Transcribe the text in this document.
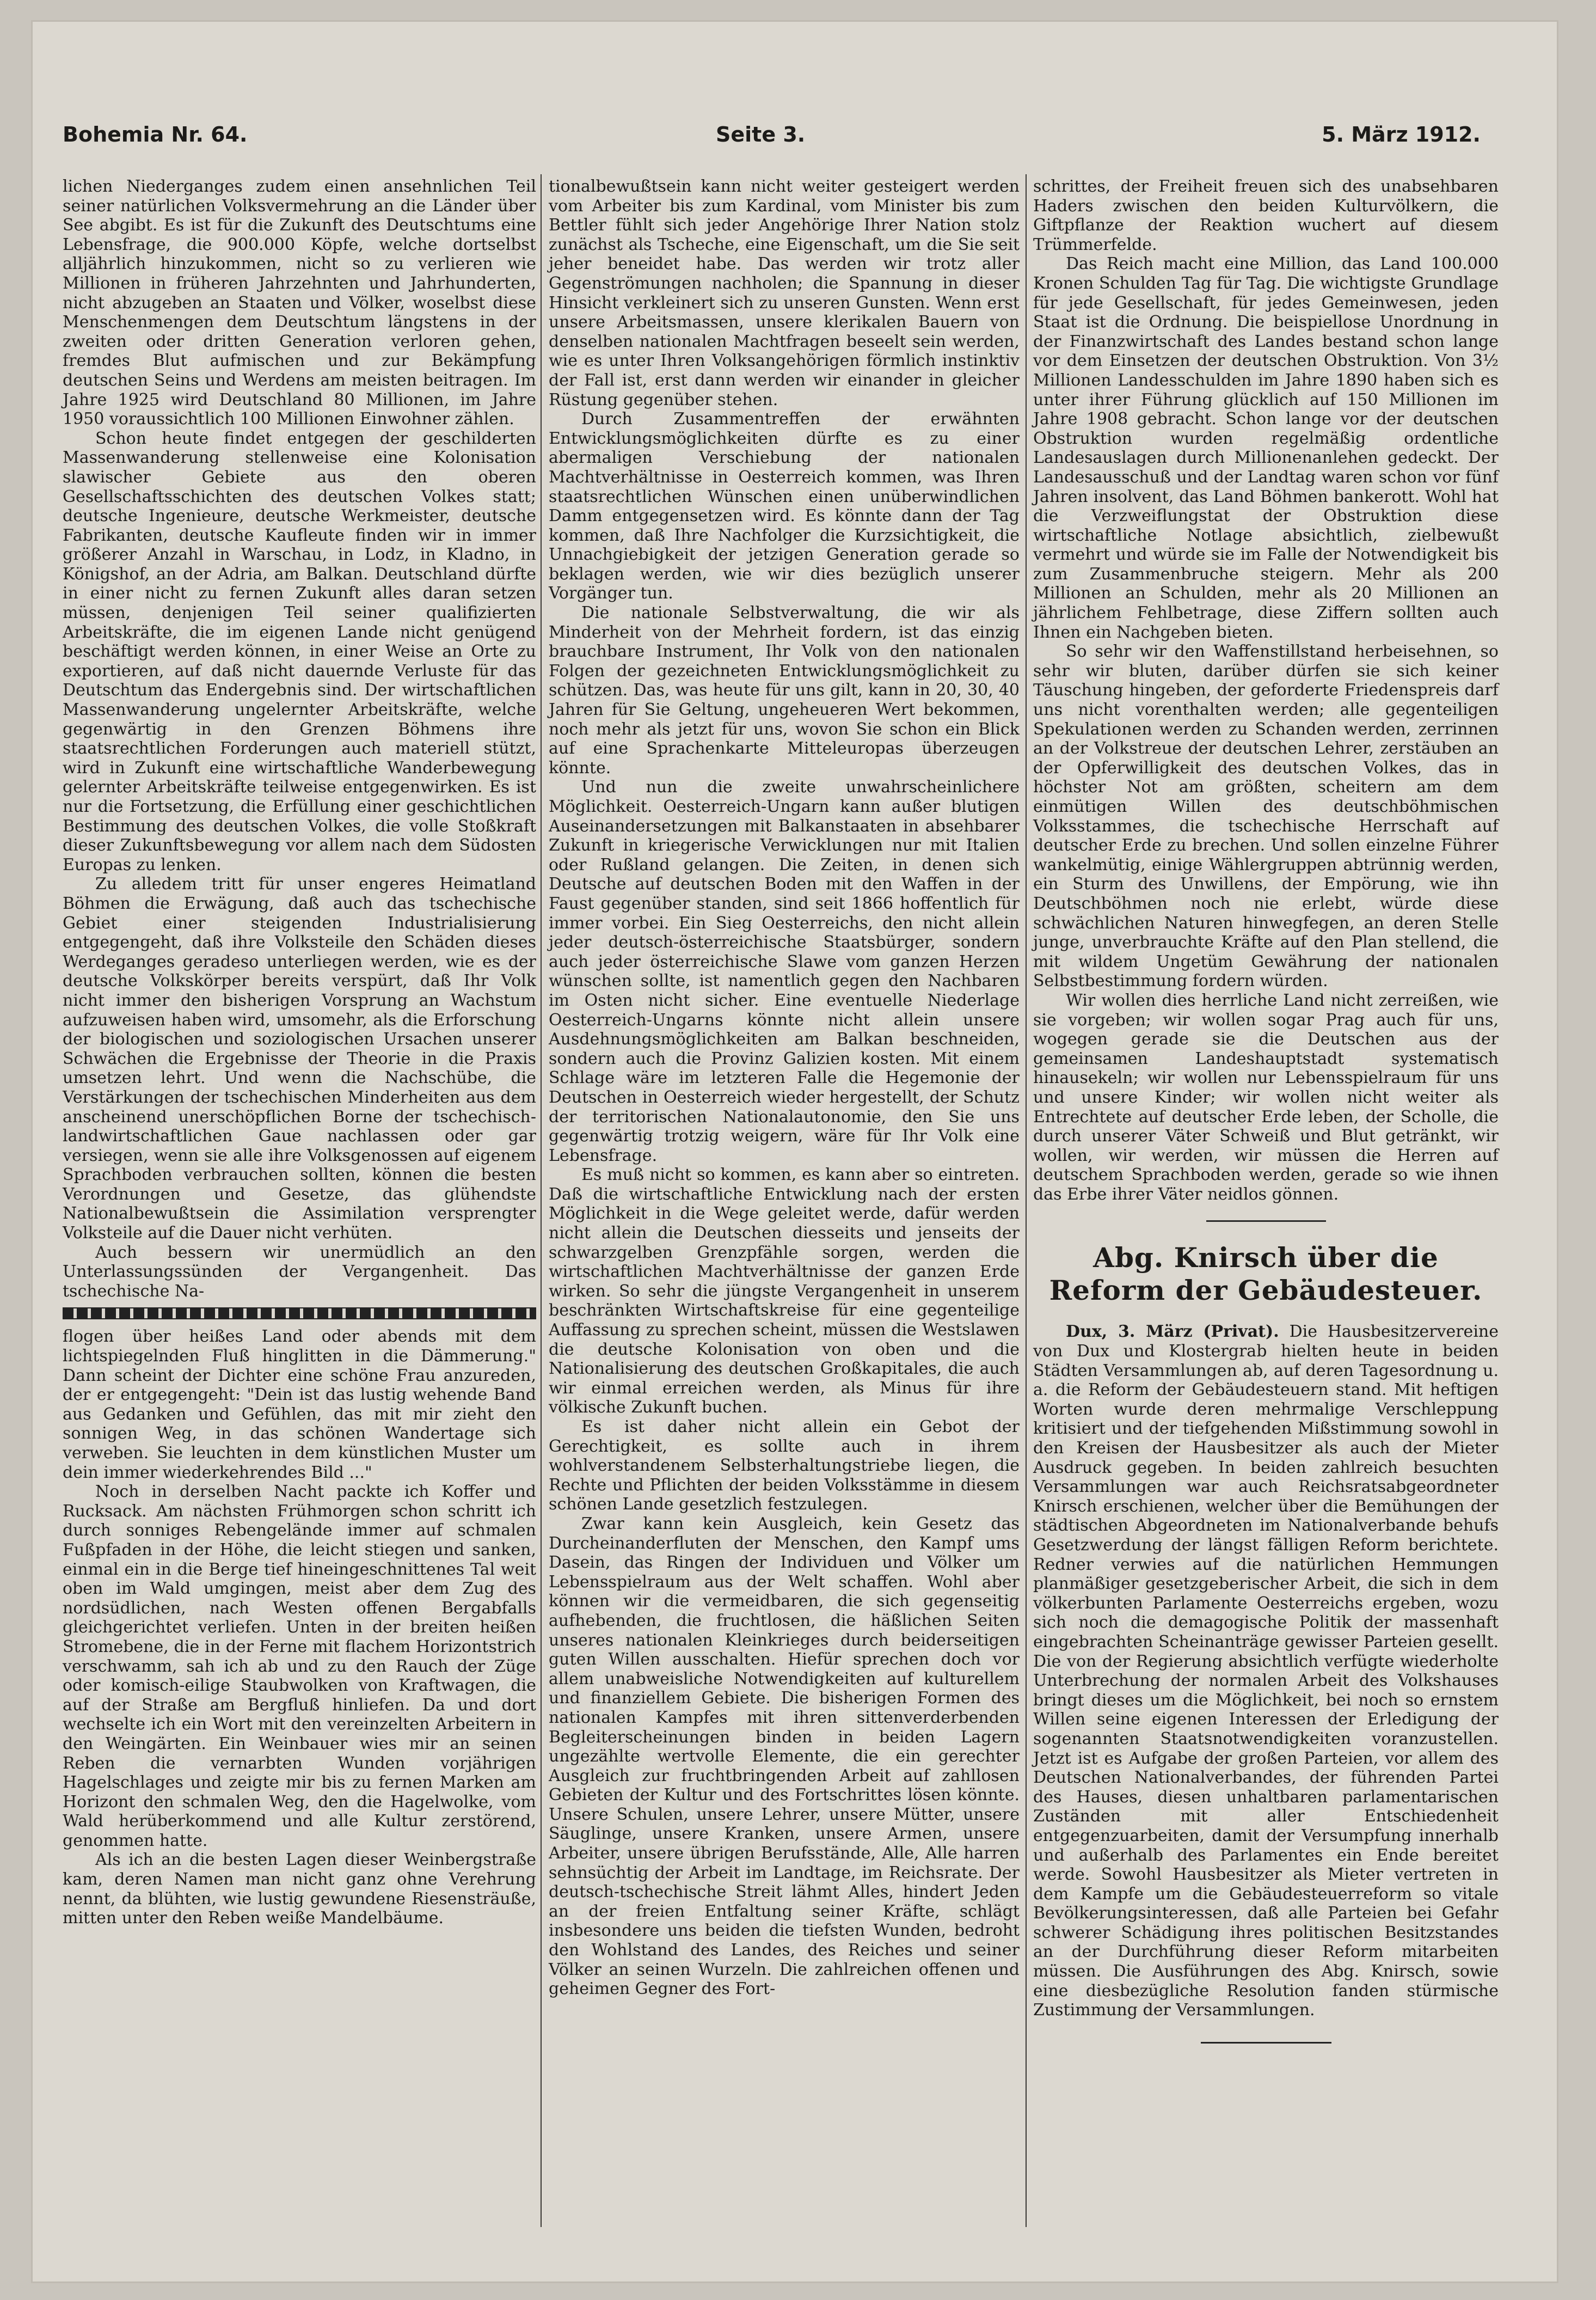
Bohemia Nr. 64.	Seite 3.	5. März 1912.

lichen Niederganges zudem einen ansehnlichen Teil seiner natürlichen Volksvermehrung an die Länder über See abgibt. Es ist für die Zukunft des Deutschtums eine Lebensfrage, die 900.000 Köpfe, welche dortselbst alljährlich hinzukommen, nicht so zu verlieren wie Millionen in früheren Jahrzehnten und Jahrhunderten, nicht abzugeben an Staaten und Völker, woselbst diese Menschenmengen dem Deutschtum längstens in der zweiten oder dritten Generation verloren gehen, fremdes Blut aufmischen und zur Bekämpfung deutschen Seins und Werdens am meisten beitragen. Im Jahre 1925 wird Deutschland 80 Millionen, im Jahre 1950 voraussichtlich 100 Millionen Einwohner zählen.

Schon heute findet entgegen der geschilderten Massenwanderung stellenweise eine Kolonisation slawischer Gebiete aus den oberen Gesellschaftsschichten des deutschen Volkes statt; deutsche Ingenieure, deutsche Werkmeister, deutsche Fabrikanten, deutsche Kaufleute finden wir in immer größerer Anzahl in Warschau, in Lodz, in Kladno, in Königshof, an der Adria, am Balkan. Deutschland dürfte in einer nicht zu fernen Zukunft alles daran setzen müssen, denjenigen Teil seiner qualifizierten Arbeitskräfte, die im eigenen Lande nicht genügend beschäftigt werden können, in einer Weise an Orte zu exportieren, auf daß nicht dauernde Verluste für das Deutschtum das Endergebnis sind. Der wirtschaftlichen Massenwanderung ungelernter Arbeitskräfte, welche gegenwärtig in den Grenzen Böhmens ihre staatsrechtlichen Forderungen auch materiell stützt, wird in Zukunft eine wirtschaftliche Wanderbewegung gelernter Arbeitskräfte teilweise entgegenwirken. Es ist nur die Fortsetzung, die Erfüllung einer geschichtlichen Bestimmung des deutschen Volkes, die volle Stoßkraft dieser Zukunftsbewegung vor allem nach dem Südosten Europas zu lenken.

Zu alledem tritt für unser engeres Heimatland Böhmen die Erwägung, daß auch das tschechische Gebiet einer steigenden Industrialisierung entgegengeht, daß ihre Volksteile den Schäden dieses Werdeganges geradeso unterliegen werden, wie es der deutsche Volkskörper bereits verspürt, daß Ihr Volk nicht immer den bisherigen Vorsprung an Wachstum aufzuweisen haben wird, umsomehr, als die Erforschung der biologischen und soziologischen Ursachen unserer Schwächen die Ergebnisse der Theorie in die Praxis umsetzen lehrt. Und wenn die Nachschübe, die Verstärkungen der tschechischen Minderheiten aus dem anscheinend unerschöpflichen Borne der tschechisch-landwirtschaftlichen Gaue nachlassen oder gar versiegen, wenn sie alle ihre Volksgenossen auf eigenem Sprachboden verbrauchen sollten, können die besten Verordnungen und Gesetze, das glühendste Nationalbewußtsein die Assimilation versprengter Volksteile auf die Dauer nicht verhüten.

Auch bessern wir unermüdlich an den Unterlassungssünden der Vergangenheit. Das tschechische Na-

flogen über heißes Land oder abends mit dem lichtspiegelnden Fluß hinglitten in die Dämmerung." Dann scheint der Dichter eine schöne Frau anzureden, der er entgegengeht: "Dein ist das lustig wehende Band aus Gedanken und Gefühlen, das mit mir zieht den sonnigen Weg, in das schönen Wandertage sich verweben. Sie leuchten in dem künstlichen Muster um dein immer wiederkehrendes Bild ..."

Noch in derselben Nacht packte ich Koffer und Rucksack. Am nächsten Frühmorgen schon schritt ich durch sonniges Rebengelände immer auf schmalen Fußpfaden in der Höhe, die leicht stiegen und sanken, einmal ein in die Berge tief hineingeschnittenes Tal weit oben im Wald umgingen, meist aber dem Zug des nordsüdlichen, nach Westen offenen Bergabfalls gleichgerichtet verliefen. Unten in der breiten heißen Stromebene, die in der Ferne mit flachem Horizontstrich verschwamm, sah ich ab und zu den Rauch der Züge oder komisch-eilige Staubwolken von Kraftwagen, die auf der Straße am Bergfluß hinliefen. Da und dort wechselte ich ein Wort mit den vereinzelten Arbeitern in den Weingärten. Ein Weinbauer wies mir an seinen Reben die vernarbten Wunden vorjährigen Hagelschlages und zeigte mir bis zu fernen Marken am Horizont den schmalen Weg, den die Hagelwolke, vom Wald herüberkommend und alle Kultur zerstörend, genommen hatte.

Als ich an die besten Lagen dieser Weinbergstraße kam, deren Namen man nicht ganz ohne Verehrung nennt, da blühten, wie lustig gewundene Riesensträuße, mitten unter den Reben weiße Mandelbäume.

tionalbewußtsein kann nicht weiter gesteigert werden vom Arbeiter bis zum Kardinal, vom Minister bis zum Bettler fühlt sich jeder Angehörige Ihrer Nation stolz zunächst als Tscheche, eine Eigenschaft, um die Sie seit jeher beneidet habe. Das werden wir trotz aller Gegenströmungen nachholen; die Spannung in dieser Hinsicht verkleinert sich zu unseren Gunsten. Wenn erst unsere Arbeitsmassen, unsere klerikalen Bauern von denselben nationalen Machtfragen beseelt sein werden, wie es unter Ihren Volksangehörigen förmlich instinktiv der Fall ist, erst dann werden wir einander in gleicher Rüstung gegenüber stehen.

Durch Zusammentreffen der erwähnten Entwicklungsmöglichkeiten dürfte es zu einer abermaligen Verschiebung der nationalen Machtverhältnisse in Oesterreich kommen, was Ihren staatsrechtlichen Wünschen einen unüberwindlichen Damm entgegensetzen wird. Es könnte dann der Tag kommen, daß Ihre Nachfolger die Kurzsichtigkeit, die Unnachgiebigkeit der jetzigen Generation gerade so beklagen werden, wie wir dies bezüglich unserer Vorgänger tun.

Die nationale Selbstverwaltung, die wir als Minderheit von der Mehrheit fordern, ist das einzig brauchbare Instrument, Ihr Volk von den nationalen Folgen der gezeichneten Entwicklungsmöglichkeit zu schützen. Das, was heute für uns gilt, kann in 20, 30, 40 Jahren für Sie Geltung, ungeheueren Wert bekommen, noch mehr als jetzt für uns, wovon Sie schon ein Blick auf eine Sprachenkarte Mitteleuropas überzeugen könnte.

Und nun die zweite unwahrscheinlichere Möglichkeit. Oesterreich-Ungarn kann außer blutigen Auseinandersetzungen mit Balkanstaaten in absehbarer Zukunft in kriegerische Verwicklungen nur mit Italien oder Rußland gelangen. Die Zeiten, in denen sich Deutsche auf deutschen Boden mit den Waffen in der Faust gegenüber standen, sind seit 1866 hoffentlich für immer vorbei. Ein Sieg Oesterreichs, den nicht allein jeder deutsch-österreichische Staatsbürger, sondern auch jeder österreichische Slawe vom ganzen Herzen wünschen sollte, ist namentlich gegen den Nachbaren im Osten nicht sicher. Eine eventuelle Niederlage Oesterreich-Ungarns könnte nicht allein unsere Ausdehnungsmöglichkeiten am Balkan beschneiden, sondern auch die Provinz Galizien kosten. Mit einem Schlage wäre im letzteren Falle die Hegemonie der Deutschen in Oesterreich wieder hergestellt, der Schutz der territorischen Nationalautonomie, den Sie uns gegenwärtig trotzig weigern, wäre für Ihr Volk eine Lebensfrage.

Es muß nicht so kommen, es kann aber so eintreten. Daß die wirtschaftliche Entwicklung nach der ersten Möglichkeit in die Wege geleitet werde, dafür werden nicht allein die Deutschen diesseits und jenseits der schwarzgelben Grenzpfähle sorgen, werden die wirtschaftlichen Machtverhältnisse der ganzen Erde wirken. So sehr die jüngste Vergangenheit in unserem beschränkten Wirtschaftskreise für eine gegenteilige Auffassung zu sprechen scheint, müssen die Westslawen die deutsche Kolonisation von oben und die Nationalisierung des deutschen Großkapitales, die auch wir einmal erreichen werden, als Minus für ihre völkische Zukunft buchen.

Es ist daher nicht allein ein Gebot der Gerechtigkeit, es sollte auch in ihrem wohlverstandenem Selbsterhaltungstriebe liegen, die Rechte und Pflichten der beiden Volksstämme in diesem schönen Lande gesetzlich festzulegen.

Zwar kann kein Ausgleich, kein Gesetz das Durcheinanderfluten der Menschen, den Kampf ums Dasein, das Ringen der Individuen und Völker um Lebensspielraum aus der Welt schaffen. Wohl aber können wir die vermeidbaren, die sich gegenseitig aufhebenden, die fruchtlosen, die häßlichen Seiten unseres nationalen Kleinkrieges durch beiderseitigen guten Willen ausschalten. Hiefür sprechen doch vor allem unabweisliche Notwendigkeiten auf kulturellem und finanziellem Gebiete. Die bisherigen Formen des nationalen Kampfes mit ihren sittenverderbenden Begleiterscheinungen binden in beiden Lagern ungezählte wertvolle Elemente, die ein gerechter Ausgleich zur fruchtbringenden Arbeit auf zahllosen Gebieten der Kultur und des Fortschrittes lösen könnte. Unsere Schulen, unsere Lehrer, unsere Mütter, unsere Säuglinge, unsere Kranken, unsere Armen, unsere Arbeiter, unsere übrigen Berufsstände, Alle, Alle harren sehnsüchtig der Arbeit im Landtage, im Reichsrate. Der deutsch-tschechische Streit lähmt Alles, hindert Jeden an der freien Entfaltung seiner Kräfte, schlägt insbesondere uns beiden die tiefsten Wunden, bedroht den Wohlstand des Landes, des Reiches und seiner Völker an seinen Wurzeln. Die zahlreichen offenen und geheimen Gegner des Fort-

schrittes, der Freiheit freuen sich des unabsehbaren Haders zwischen den beiden Kulturvölkern, die Giftpflanze der Reaktion wuchert auf diesem Trümmerfelde.

Das Reich macht eine Million, das Land 100.000 Kronen Schulden Tag für Tag. Die wichtigste Grundlage für jede Gesellschaft, für jedes Gemeinwesen, jeden Staat ist die Ordnung. Die beispiellose Unordnung in der Finanzwirtschaft des Landes bestand schon lange vor dem Einsetzen der deutschen Obstruktion. Von 3½ Millionen Landesschulden im Jahre 1890 haben sich es unter ihrer Führung glücklich auf 150 Millionen im Jahre 1908 gebracht. Schon lange vor der deutschen Obstruktion wurden regelmäßig ordentliche Landesauslagen durch Millionenanlehen gedeckt. Der Landesausschuß und der Landtag waren schon vor fünf Jahren insolvent, das Land Böhmen bankerott. Wohl hat die Verzweiflungstat der Obstruktion diese wirtschaftliche Notlage absichtlich, zielbewußt vermehrt und würde sie im Falle der Notwendigkeit bis zum Zusammenbruche steigern. Mehr als 200 Millionen an Schulden, mehr als 20 Millionen an jährlichem Fehlbetrage, diese Ziffern sollten auch Ihnen ein Nachgeben bieten.

So sehr wir den Waffenstillstand herbeisehnen, so sehr wir bluten, darüber dürfen sie sich keiner Täuschung hingeben, der geforderte Friedenspreis darf uns nicht vorenthalten werden; alle gegenteiligen Spekulationen werden zu Schanden werden, zerrinnen an der Volkstreue der deutschen Lehrer, zerstäuben an der Opferwilligkeit des deutschen Volkes, das in höchster Not am größten, scheitern am dem einmütigen Willen des deutschböhmischen Volksstammes, die tschechische Herrschaft auf deutscher Erde zu brechen. Und sollen einzelne Führer wankelmütig, einige Wählergruppen abtrünnig werden, ein Sturm des Unwillens, der Empörung, wie ihn Deutschböhmen noch nie erlebt, würde diese schwächlichen Naturen hinwegfegen, an deren Stelle junge, unverbrauchte Kräfte auf den Plan stellend, die mit wildem Ungetüm Gewährung der nationalen Selbstbestimmung fordern würden.

Wir wollen dies herrliche Land nicht zerreißen, wie sie vorgeben; wir wollen sogar Prag auch für uns, wogegen gerade sie die Deutschen aus der gemeinsamen Landeshauptstadt systematisch hinausekeln; wir wollen nur Lebensspielraum für uns und unsere Kinder; wir wollen nicht weiter als Entrechtete auf deutscher Erde leben, der Scholle, die durch unserer Väter Schweiß und Blut getränkt, wir wollen, wir werden, wir müssen die Herren auf deutschem Sprachboden werden, gerade so wie ihnen das Erbe ihrer Väter neidlos gönnen.

Abg. Knirsch über die Reform der Gebäudesteuer.

Dux, 3. März (Privat). Die Hausbesitzervereine von Dux und Klostergrab hielten heute in beiden Städten Versammlungen ab, auf deren Tagesordnung u. a. die Reform der Gebäudesteuern stand. Mit heftigen Worten wurde deren mehrmalige Verschleppung kritisiert und der tiefgehenden Mißstimmung sowohl in den Kreisen der Hausbesitzer als auch der Mieter Ausdruck gegeben. In beiden zahlreich besuchten Versammlungen war auch Reichsratsabgeordneter Knirsch erschienen, welcher über die Bemühungen der städtischen Abgeordneten im Nationalverbande behufs Gesetzwerdung der längst fälligen Reform berichtete. Redner verwies auf die natürlichen Hemmungen planmäßiger gesetzgeberischer Arbeit, die sich in dem völkerbunten Parlamente Oesterreichs ergeben, wozu sich noch die demagogische Politik der massenhaft eingebrachten Scheinanträge gewisser Parteien gesellt. Die von der Regierung absichtlich verfügte wiederholte Unterbrechung der normalen Arbeit des Volkshauses bringt dieses um die Möglichkeit, bei noch so ernstem Willen seine eigenen Interessen der Erledigung der sogenannten Staatsnotwendigkeiten voranzustellen. Jetzt ist es Aufgabe der großen Parteien, vor allem des Deutschen Nationalverbandes, der führenden Partei des Hauses, diesen unhaltbaren parlamentarischen Zuständen mit aller Entschiedenheit entgegenzuarbeiten, damit der Versumpfung innerhalb und außerhalb des Parlamentes ein Ende bereitet werde. Sowohl Hausbesitzer als Mieter vertreten in dem Kampfe um die Gebäudesteuerreform so vitale Bevölkerungsinteressen, daß alle Parteien bei Gefahr schwerer Schädigung ihres politischen Besitzstandes an der Durchführung dieser Reform mitarbeiten müssen. Die Ausführungen des Abg. Knirsch, sowie eine diesbezügliche Resolution fanden stürmische Zustimmung der Versammlungen.
